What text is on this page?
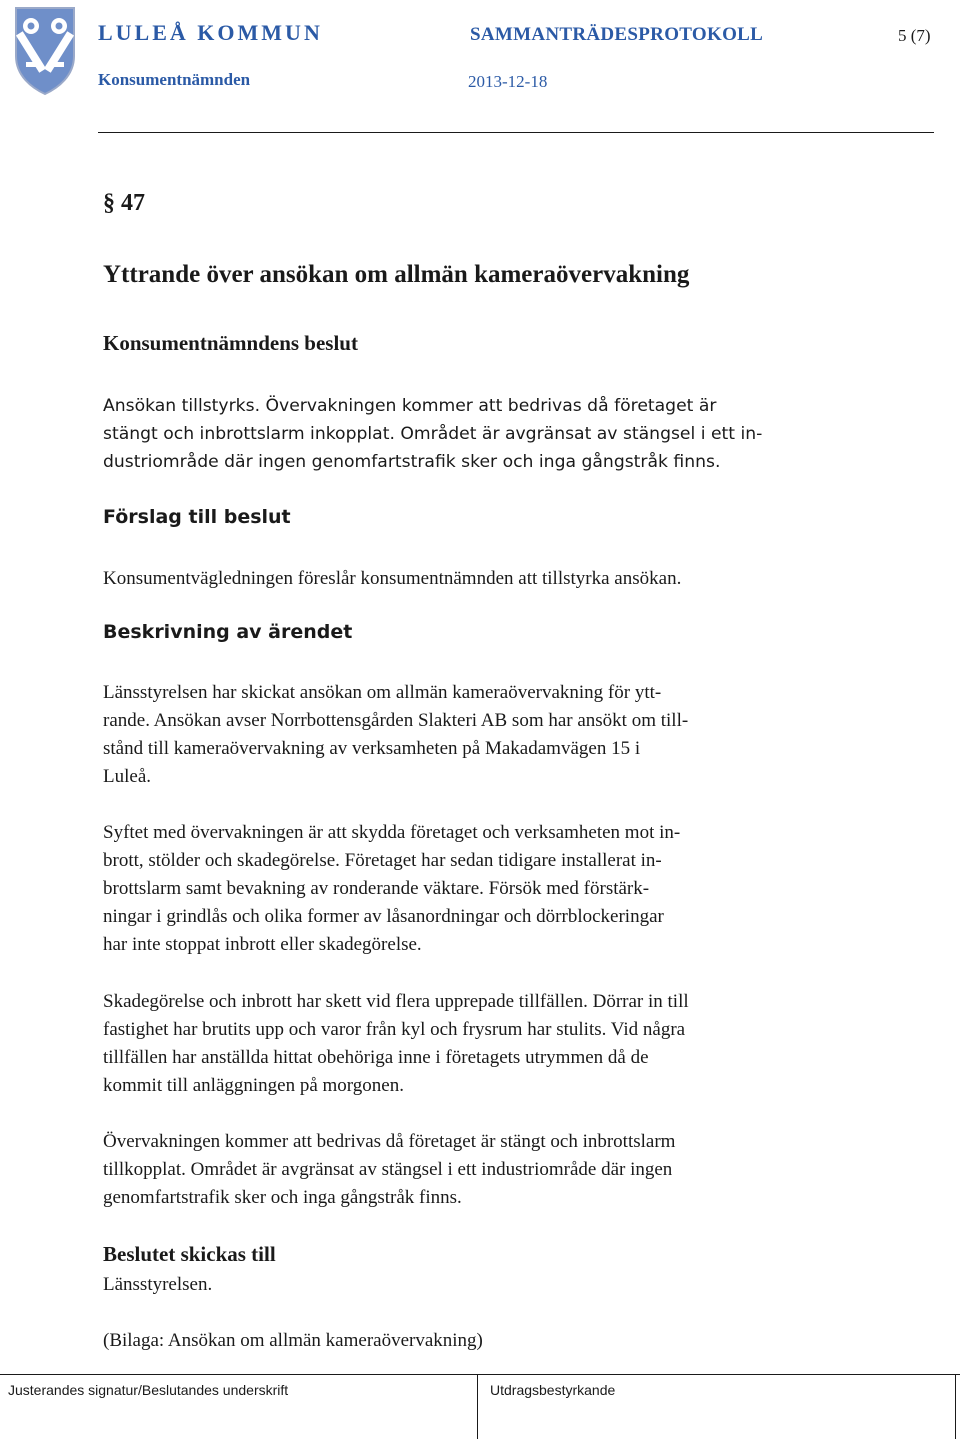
LULEÅ KOMMUN
Konsumentnämnden
SAMMANTRÄDESPROTOKOLL
2013-12-18
5 (7)
§ 47
Yttrande över ansökan om allmän kameraövervakning
Konsumentnämndens beslut
Ansökan tillstyrks. Övervakningen kommer att bedrivas då företaget är
stängt och inbrottslarm inkopplat. Området är avgränsat av stängsel i ett in-
dustriområde där ingen genomfartstrafik sker och inga gångstråk finns.
Förslag till beslut
Konsumentvägledningen föreslår konsumentnämnden att tillstyrka ansökan.
Beskrivning av ärendet
Länsstyrelsen har skickat ansökan om allmän kameraövervakning för ytt-
rande. Ansökan avser Norrbottensgården Slakteri AB som har ansökt om till-
stånd till kameraövervakning av verksamheten på Makadamvägen 15 i
Luleå.
Syftet med övervakningen är att skydda företaget och verksamheten mot in-
brott, stölder och skadegörelse. Företaget har sedan tidigare installerat in-
brottslarm samt bevakning av ronderande väktare. Försök med förstärk-
ningar i grindlås och olika former av låsanordningar och dörrblockeringar
har inte stoppat inbrott eller skadegörelse.
Skadegörelse och inbrott har skett vid flera upprepade tillfällen. Dörrar in till
fastighet har brutits upp och varor från kyl och frysrum har stulits. Vid några
tillfällen har anställda hittat obehöriga inne i företagets utrymmen då de
kommit till anläggningen på morgonen.
Övervakningen kommer att bedrivas då företaget är stängt och inbrottslarm
tillkopplat. Området är avgränsat av stängsel i ett industriområde där ingen
genomfartstrafik sker och inga gångstråk finns.
Beslutet skickas till
Länsstyrelsen.
(Bilaga: Ansökan om allmän kameraövervakning)
Justerandes signatur/Beslutandes underskrift	Utdragsbestyrkande
